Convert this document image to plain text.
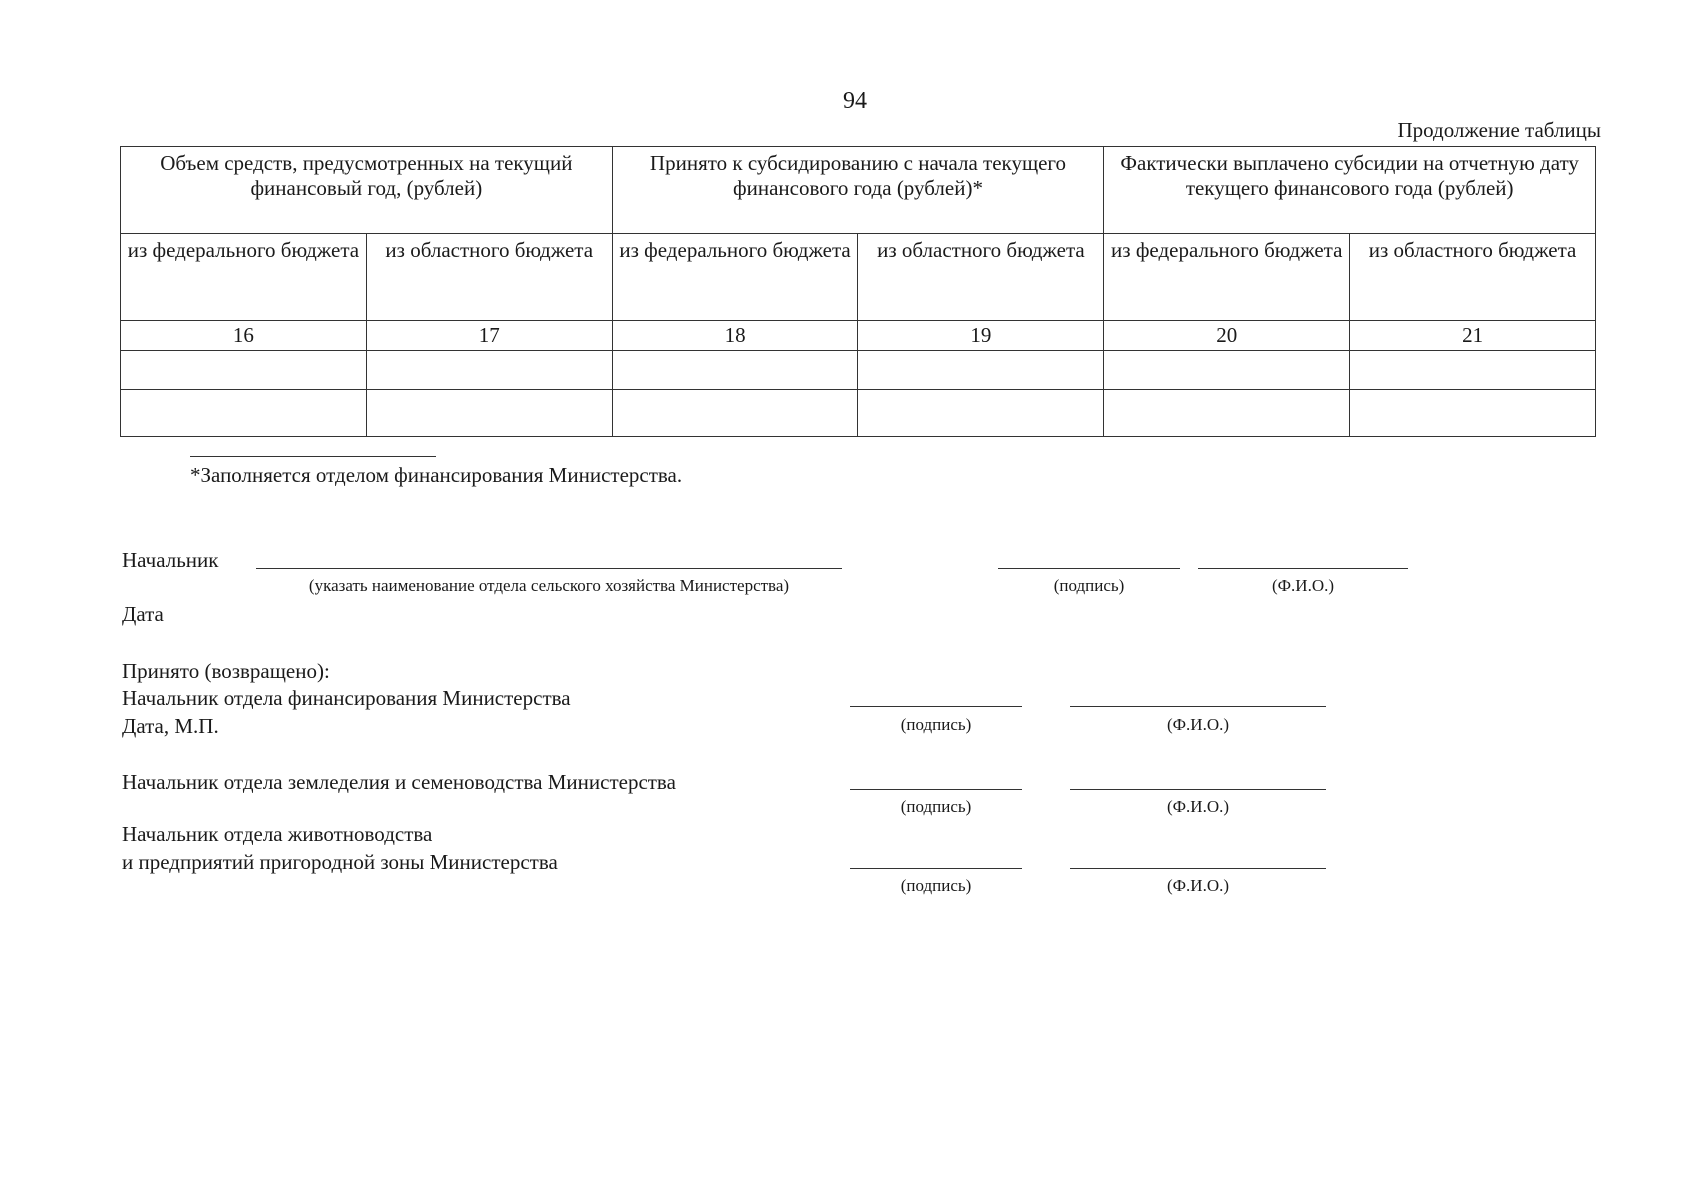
94
Продолжение таблицы
Объем средств, предусмотренных на текущий финансовый год, (рублей)		Принято к субсидированию с начала текущего финансового года (рублей)*		Фактически выплачено субсидии на отчетную дату текущего финансового года (рублей)	
из федерального бюджета	из областного бюджета	из федерального бюджета	из областного бюджета	из федерального бюджета	из областного бюджета
16	17	18	19	20	21

*Заполняется отделом финансирования Министерства.
Начальник
(указать наименование отдела сельского хозяйства Министерства)	(подпись)	(Ф.И.О.)
Дата
Принято (возвращено):
Начальник отдела финансирования Министерства
Дата, М.П.	(подпись)	(Ф.И.О.)
Начальник отдела земледелия и семеноводства Министерства
(подпись)	(Ф.И.О.)
Начальник отдела животноводства
и предприятий пригородной зоны Министерства
(подпись)	(Ф.И.О.)
